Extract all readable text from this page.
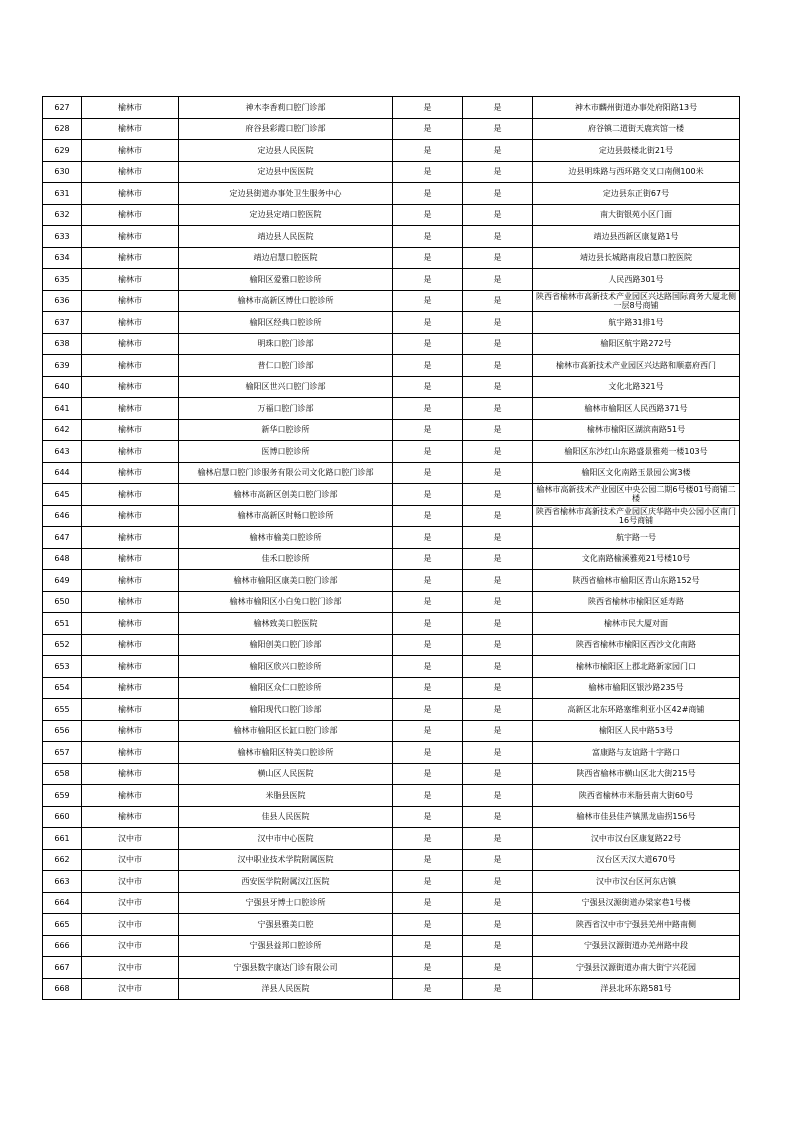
627	榆林市	神木李香莉口腔门诊部	是	是	神木市麟州街道办事处府阳路13号
628	榆林市	府谷县彩霞口腔门诊部	是	是	府谷镇二道街天鹿宾馆一楼
629	榆林市	定边县人民医院	是	是	定边县鼓楼北街21号
630	榆林市	定边县中医医院	是	是	边县明珠路与西环路交叉口南侧100米
631	榆林市	定边县街道办事处卫生服务中心	是	是	定边县东正街67号
632	榆林市	定边县定靖口腔医院	是	是	南大街银苑小区门面
633	榆林市	靖边县人民医院	是	是	靖边县西新区康复路1号
634	榆林市	靖边启慧口腔医院	是	是	靖边县长城路南段启慧口腔医院
635	榆林市	榆阳区爱雅口腔诊所	是	是	人民西路301号
636	榆林市	榆林市高新区博仕口腔诊所	是	是	陕西省榆林市高新技术产业园区兴达路国际商务大厦北侧一层8号商铺
637	榆林市	榆阳区经典口腔诊所	是	是	航宇路31排1号
638	榆林市	明珠口腔门诊部	是	是	榆阳区航宇路272号
639	榆林市	普仁口腔门诊部	是	是	榆林市高新技术产业园区兴达路和顺嘉府西门
640	榆林市	榆阳区世兴口腔门诊部	是	是	文化北路321号
641	榆林市	万福口腔门诊部	是	是	榆林市榆阳区人民西路371号
642	榆林市	新华口腔诊所	是	是	榆林市榆阳区湖滨南路51号
643	榆林市	医博口腔诊所	是	是	榆阳区东沙红山东路盛景雅苑一楼103号
644	榆林市	榆林启慧口腔门诊服务有限公司文化路口腔门诊部	是	是	榆阳区文化南路玉景园公寓3楼
645	榆林市	榆林市高新区创美口腔门诊部	是	是	榆林市高新技术产业园区中央公园二期6号楼01号商铺二楼
646	榆林市	榆林市高新区时畅口腔诊所	是	是	陕西省榆林市高新技术产业园区庆华路中央公园小区南门16号商铺
647	榆林市	榆林市榆美口腔诊所	是	是	航宇路一号
648	榆林市	佳禾口腔诊所	是	是	文化南路榆溪雅苑21号楼10号
649	榆林市	榆林市榆阳区康美口腔门诊部	是	是	陕西省榆林市榆阳区青山东路152号
650	榆林市	榆林市榆阳区小白兔口腔门诊部	是	是	陕西省榆林市榆阳区延寿路
651	榆林市	榆林致美口腔医院	是	是	榆林市民大厦对面
652	榆林市	榆阳创美口腔门诊部	是	是	陕西省榆林市榆阳区西沙文化南路
653	榆林市	榆阳区欣兴口腔诊所	是	是	榆林市榆阳区上郡北路新家园门口
654	榆林市	榆阳区众仁口腔诊所	是	是	榆林市榆阳区银沙路235号
655	榆林市	榆阳现代口腔门诊部	是	是	高新区北东环路塞维利亚小区42#商铺
656	榆林市	榆林市榆阳区长缸口腔门诊部	是	是	榆阳区人民中路53号
657	榆林市	榆林市榆阳区特美口腔诊所	是	是	富康路与友谊路十字路口
658	榆林市	横山区人民医院	是	是	陕西省榆林市横山区北大街215号
659	榆林市	米脂县医院	是	是	陕西省榆林市米脂县南大街60号
660	榆林市	佳县人民医院	是	是	榆林市佳县佳芦镇黑龙庙拐156号
661	汉中市	汉中市中心医院	是	是	汉中市汉台区康复路22号
662	汉中市	汉中职业技术学院附属医院	是	是	汉台区天汉大道670号
663	汉中市	西安医学院附属汉江医院	是	是	汉中市汉台区河东店镇
664	汉中市	宁强县牙博士口腔诊所	是	是	宁强县汉源街道办梁家巷1号楼
665	汉中市	宁强县雅美口腔	是	是	陕西省汉中市宁强县羌州中路南侧
666	汉中市	宁强县益邦口腔诊所	是	是	宁强县汉源街道办羌州路中段
667	汉中市	宁强县数字康达门诊有限公司	是	是	宁强县汉源街道办南大街宁兴花园
668	汉中市	洋县人民医院	是	是	洋县北环东路581号
